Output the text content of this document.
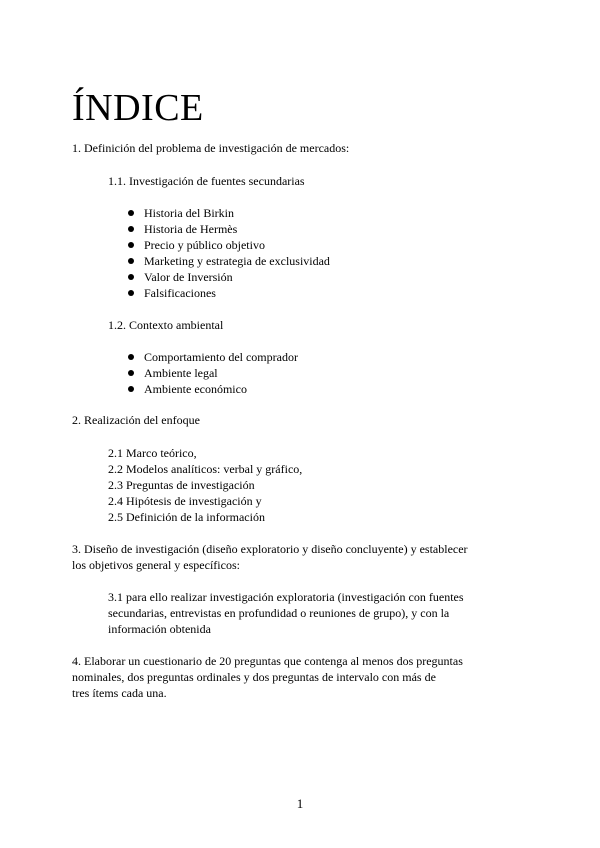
ÍNDICE
1. Definición del problema de investigación de mercados:
1.1. Investigación de fuentes secundarias
Historia del Birkin
Historia de Hermès
Precio y público objetivo
Marketing y estrategia de exclusividad
Valor de Inversión
Falsificaciones
1.2. Contexto ambiental
Comportamiento del comprador
Ambiente legal
Ambiente económico
2. Realización del enfoque
2.1 Marco teórico,
2.2 Modelos analíticos: verbal y gráfico,
2.3 Preguntas de investigación
2.4 Hipótesis de investigación y
2.5 Definición de la información
3. Diseño de investigación (diseño exploratorio y diseño concluyente) y establecer
los objetivos general y específicos:
3.1 para ello realizar investigación exploratoria (investigación con fuentes
secundarias, entrevistas en profundidad o reuniones de grupo), y con la
información obtenida
4. Elaborar un cuestionario de 20 preguntas que contenga al menos dos preguntas
nominales, dos preguntas ordinales y dos preguntas de intervalo con más de
tres ítems cada una.
1
